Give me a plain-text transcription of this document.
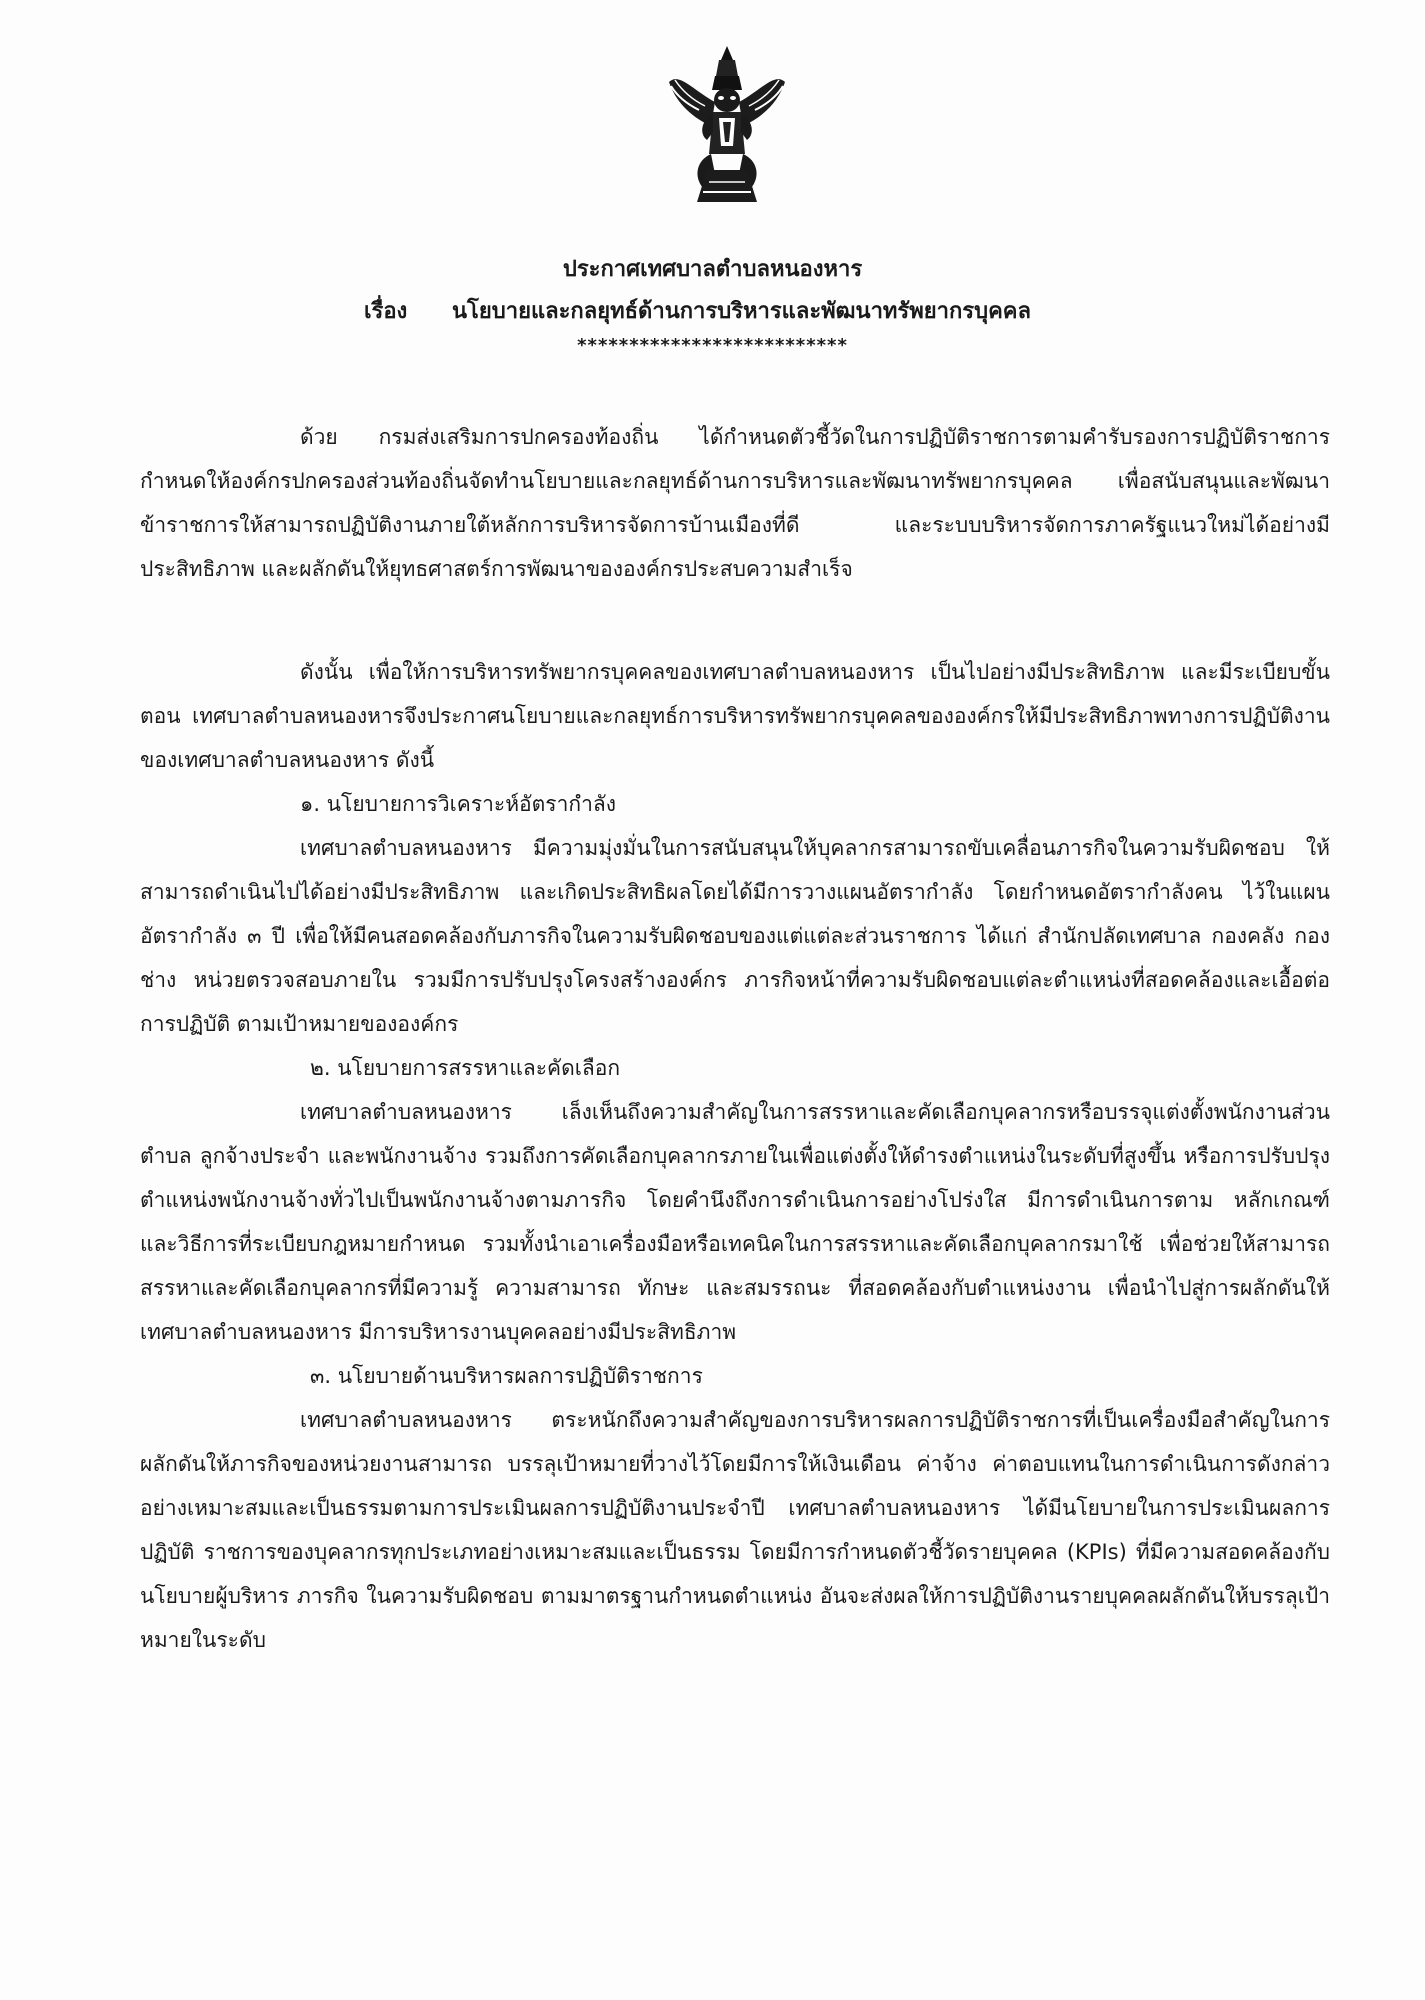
ประกาศเทศบาลตำบลหนองหาร
เรื่อง นโยบายและกลยุทธ์ด้านการบริหารและพัฒนาทรัพยากรบุคคล
**************************

ด้วย กรมส่งเสริมการปกครองท้องถิ่น ได้กำหนดตัวชี้วัดในการปฏิบัติราชการตามคำรับรองการปฏิบัติราชการ กำหนดให้องค์กรปกครองส่วนท้องถิ่นจัดทำนโยบายและกลยุทธ์ด้านการบริหารและพัฒนาทรัพยากรบุคคล เพื่อสนับสนุนและพัฒนาข้าราชการให้สามารถปฏิบัติงานภายใต้หลักการบริหารจัดการบ้านเมืองที่ดี และระบบบริหารจัดการภาครัฐแนวใหม่ได้อย่างมีประสิทธิภาพ และผลักดันให้ยุทธศาสตร์การพัฒนาขององค์กรประสบความสำเร็จ

ดังนั้น เพื่อให้การบริหารทรัพยากรบุคคลของเทศบาลตำบลหนองหาร เป็นไปอย่างมีประสิทธิภาพ และมีระเบียบขั้นตอน เทศบาลตำบลหนองหารจึงประกาศนโยบายและกลยุทธ์การบริหารทรัพยากรบุคคลขององค์กรให้มีประสิทธิภาพทางการปฏิบัติงานของเทศบาลตำบลหนองหาร ดังนี้

๑. นโยบายการวิเคราะห์อัตรากำลัง

เทศบาลตำบลหนองหาร มีความมุ่งมั่นในการสนับสนุนให้บุคลากรสามารถขับเคลื่อนภารกิจในความรับผิดชอบ ให้สามารถดำเนินไปได้อย่างมีประสิทธิภาพ และเกิดประสิทธิผลโดยได้มีการวางแผนอัตรากำลัง โดยกำหนดอัตรากำลังคน ไว้ในแผนอัตรากำลัง ๓ ปี เพื่อให้มีคนสอดคล้องกับภารกิจในความรับผิดชอบของแต่แต่ละส่วนราชการ ได้แก่ สำนักปลัดเทศบาล กองคลัง กองช่าง หน่วยตรวจสอบภายใน รวมมีการปรับปรุงโครงสร้างองค์กร ภารกิจหน้าที่ความรับผิดชอบแต่ละตำแหน่งที่สอดคล้องและเอื้อต่อการปฏิบัติ ตามเป้าหมายขององค์กร

๒. นโยบายการสรรหาและคัดเลือก

เทศบาลตำบลหนองหาร เล็งเห็นถึงความสำคัญในการสรรหาและคัดเลือกบุคลากรหรือบรรจุแต่งตั้งพนักงานส่วนตำบล ลูกจ้างประจำ และพนักงานจ้าง รวมถึงการคัดเลือกบุคลากรภายในเพื่อแต่งตั้งให้ดำรงตำแหน่งในระดับที่สูงขึ้น หรือการปรับปรุงตำแหน่งพนักงานจ้างทั่วไปเป็นพนักงานจ้างตามภารกิจ โดยคำนึงถึงการดำเนินการอย่างโปร่งใส มีการดำเนินการตาม หลักเกณฑ์ และวิธีการที่ระเบียบกฎหมายกำหนด รวมทั้งนำเอาเครื่องมือหรือเทคนิคในการสรรหาและคัดเลือกบุคลากรมาใช้ เพื่อช่วยให้สามารถสรรหาและคัดเลือกบุคลากรที่มีความรู้ ความสามารถ ทักษะ และสมรรถนะ ที่สอดคล้องกับตำแหน่งงาน เพื่อนำไปสู่การผลักดันให้ เทศบาลตำบลหนองหาร มีการบริหารงานบุคคลอย่างมีประสิทธิภาพ

๓. นโยบายด้านบริหารผลการปฏิบัติราชการ

เทศบาลตำบลหนองหาร ตระหนักถึงความสำคัญของการบริหารผลการปฏิบัติราชการที่เป็นเครื่องมือสำคัญในการผลักดันให้ภารกิจของหน่วยงานสามารถ บรรลุเป้าหมายที่วางไว้โดยมีการให้เงินเดือน ค่าจ้าง ค่าตอบแทนในการดำเนินการดังกล่าวอย่างเหมาะสมและเป็นธรรมตามการประเมินผลการปฏิบัติงานประจำปี เทศบาลตำบลหนองหาร ได้มีนโยบายในการประเมินผลการปฏิบัติ ราชการของบุคลากรทุกประเภทอย่างเหมาะสมและเป็นธรรม โดยมีการกำหนดตัวชี้วัดรายบุคคล (KPIs) ที่มีความสอดคล้องกับนโยบายผู้บริหาร ภารกิจ ในความรับผิดชอบ ตามมาตรฐานกำหนดตำแหน่ง อันจะส่งผลให้การปฏิบัติงานรายบุคคลผลักดันให้บรรลุเป้าหมายในระดับ
